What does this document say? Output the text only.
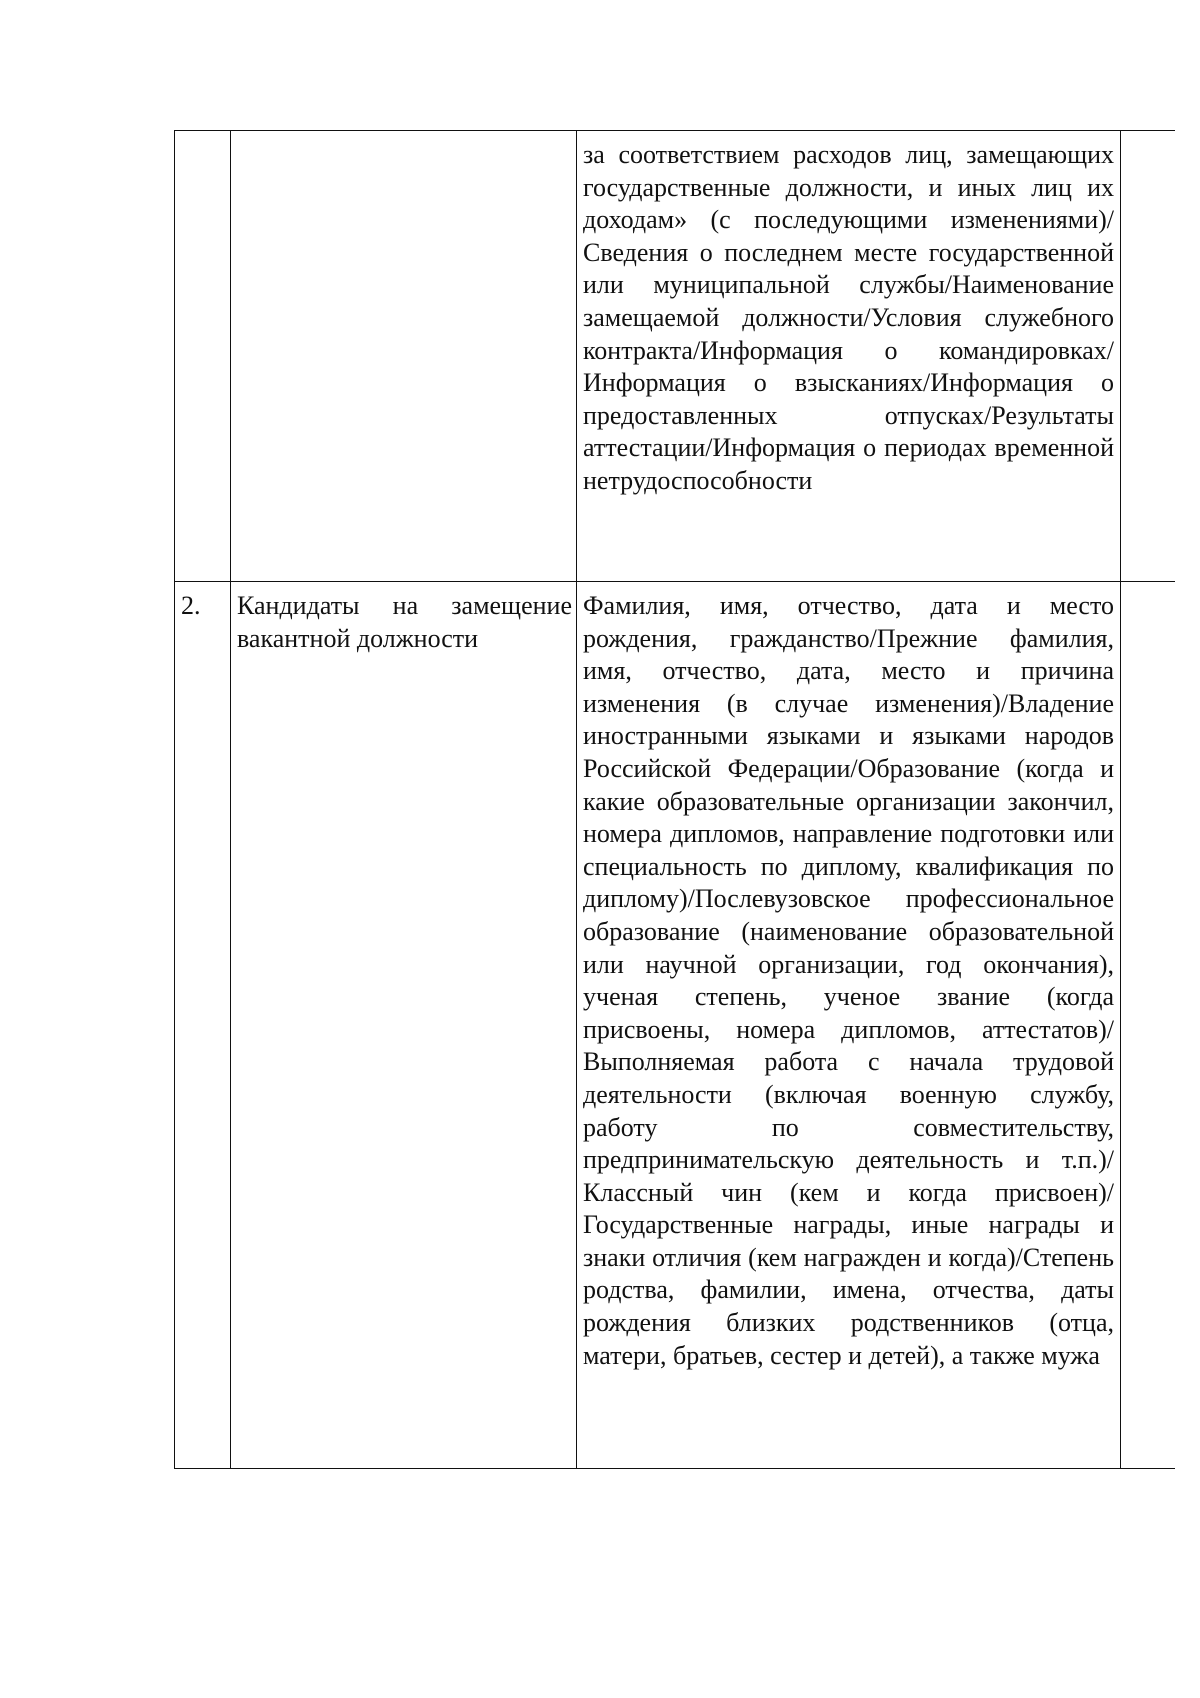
		за соответствием расходов лиц, замещающих государственные должности, и иных лиц их доходам» (с последующими изменениями)/Сведения о последнем месте государственной или муниципальной службы/Наименование замещаемой должности/Условия служебного контракта/Информация о командировках/Информация о взысканиях/Информация о предоставленных отпусках/Результаты аттестации/Информация о периодах временной нетрудоспособности	
2.	Кандидаты на замещение вакантной должности	Фамилия, имя, отчество, дата и место рождения, гражданство/Прежние фамилия, имя, отчество, дата, место и причина изменения (в случае изменения)/Владение иностранными языками и языками народов Российской Федерации/Образование (когда и какие образовательные организации закончил, номера дипломов, направление подготовки или специальность по диплому, квалификация по диплому)/Послевузовское профессиональное образование (наименование образовательной или научной организации, год окончания), ученая степень, ученое звание (когда присвоены, номера дипломов, аттестатов)/Выполняемая работа с начала трудовой деятельности (включая военную службу, работу по совместительству, предпринимательскую деятельность и т.п.)/Классный чин (кем и когда присвоен)/Государственные награды, иные награды и знаки отличия (кем награжден и когда)/Степень родства, фамилии, имена, отчества, даты рождения близких родственников (отца, матери, братьев, сестер и детей), а также мужа	
